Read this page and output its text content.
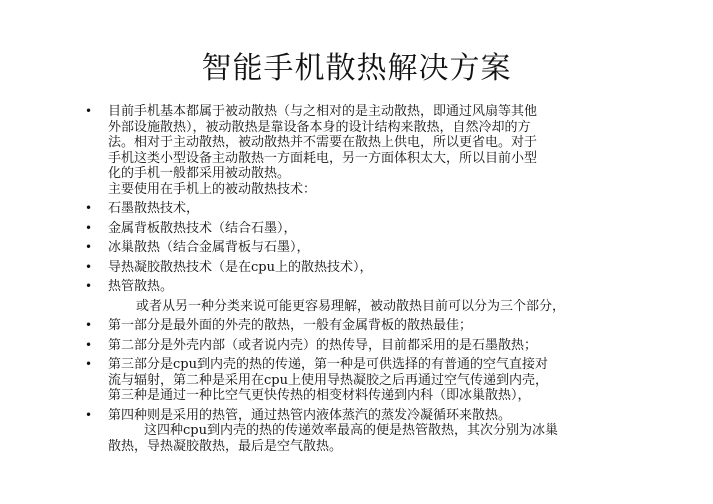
智能手机散热解决方案
• 目前手机基本都属于被动散热（与之相对的是主动散热，即通过风扇等其他
外部设施散热），被动散热是靠设备本身的设计结构来散热，自然冷却的方
法。相对于主动散热，被动散热并不需要在散热上供电，所以更省电。对于
手机这类小型设备主动散热一方面耗电，另一方面体积太大，所以目前小型
化的手机一般都采用被动散热。
主要使用在手机上的被动散热技术：
• 石墨散热技术，
• 金属背板散热技术（结合石墨），
• 冰巢散热（结合金属背板与石墨），
• 导热凝胶散热技术（是在cpu上的散热技术），
• 热管散热。
或者从另一种分类来说可能更容易理解，被动散热目前可以分为三个部分，
• 第一部分是最外面的外壳的散热，一般有金属背板的散热最佳；
• 第二部分是外壳内部（或者说内壳）的热传导，目前都采用的是石墨散热；
• 第三部分是cpu到内壳的热的传递，第一种是可供选择的有普通的空气直接对
流与辐射，第二种是采用在cpu上使用导热凝胶之后再通过空气传递到内壳，
第三种是通过一种比空气更快传热的相变材料传递到内科（即冰巢散热），
• 第四种则是采用的热管，通过热管内液体蒸汽的蒸发冷凝循环来散热。
这四种cpu到内壳的热的传递效率最高的便是热管散热，其次分别为冰巢
散热，导热凝胶散热，最后是空气散热。
